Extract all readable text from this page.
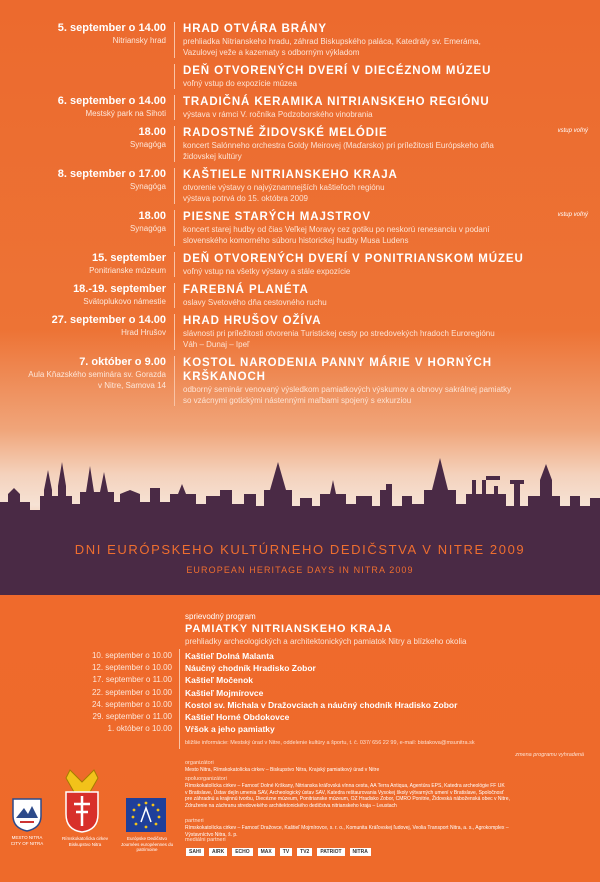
5. september o 14.00
Nitriansky hrad
HRAD OTVÁRA BRÁNY
prehliadka Nitrianskeho hradu, záhrad Biskupského paláca, Katedrály sv. Emeráma,
Vazulovej veže a kazematy s odborným výkladom
DEŇ OTVORENÝCH DVERÍ V DIECÉZNOM MÚZEU
voľný vstup do expozície múzea
6. september o 14.00
Mestský park na Sihoti
TRADIČNÁ KERAMIKA NITRIANSKEHO REGIÓNU
výstava v rámci V. ročníka Podzoborského vinobrania
18.00
Synagóga
RADOSTNÉ ŽIDOVSKÉ MELÓDIE
koncert Salónneho orchestra Goldy Meirovej (Maďarsko) pri príležitosti Európskeho dňa
židovskej kultúry
vstup voľný
8. september o 17.00
Synagóga
KAŠTIELE NITRIANSKEHO KRAJA
otvorenie výstavy o najvýznamnejších kaštieľoch regiónu
výstava potrvá do 15. októbra 2009
18.00
Synagóga
PIESNE STARÝCH MAJSTROV
koncert starej hudby od čias Veľkej Moravy cez gotiku po neskorú renesanciu v podaní
slovenského komorného súboru historickej hudby Musa Ludens
vstup voľný
15. september
Ponitrianske múzeum
DEŇ OTVORENÝCH DVERÍ V PONITRIANSKOM MÚZEU
voľný vstup na všetky výstavy a stále expozície
18.-19. september
Svätoplukovo námestie
FAREBNÁ PLANÉTA
oslavy Svetového dňa cestovného ruchu
27. september o 14.00
Hrad Hrušov
HRAD HRUŠOV OŽÍVA
slávnosti pri príležitosti otvorenia Turistickej cesty po stredovekých hradoch Euroregiónu
Váh – Dunaj – Ipeľ
7. október o 9.00
Aula Kňazského seminára sv. Gorazda
v Nitre, Samova 14
KOSTOL NARODENIA PANNY MÁRIE V HORNÝCH KRŠKANOCH
odborný seminár venovaný výsledkom pamiatkových výskumov a obnovy sakrálnej pamiatky
so vzácnymi gotickými nástennými maľbami spojený s exkurziou
DNI EURÓPSKEHO KULTÚRNEHO DEDIČSTVA V NITRE 2009
EUROPEAN HERITAGE DAYS IN NITRA 2009
sprievodný program
PAMIATKY NITRIANSKEHO KRAJA
prehliadky archeologických a architektonických pamiatok Nitry a blízkeho okolia
10. september o 10.00 Kaštieľ Dolná Malanta
12. september o 10.00 Náučný chodník Hradisko Zobor
17. september o 11.00 Kaštieľ Močenok
22. september o 10.00 Kaštieľ Mojmírovce
24. september o 10.00 Kostol sv. Michala v Dražovciach a náučný chodník Hradisko Zobor
29. september o 11.00 Kaštieľ Horné Obdokovce
1. október o 10.00 Vŕšok a jeho pamiatky
bližšie informácie: Mestský úrad v Nitre, oddelenie kultúry a športu, t. č. 037/ 656 22 99, e-mail: bistakova@msunitra.sk
zmena programu vyhradená
organizátori
Mesto Nitra, Rímskokatolícka cirkev – Biskupstvo Nitra, Krajský pamiatkový úrad v Nitre
spoluorganizátori
Rímskokatolícka cirkev – Farnosť Dolné Krškany, Nitrianska kráľovská vínna cesta, AA Terra Antiqua, Agentúra EPS, Katedra archeológie FF UK
v Bratislave, Ústav dejín umenia SAV, Archeologický ústav SAV, Katedra reštaurovania Vysokej školy výtvarných umení v Bratislave, Spoločnosť
pre záhradnú a krajinnú tvorbu, Diecézne múzeum, Ponitrianske múzeum, OZ Hradisko Zobor, CMRO Ponitrie, Židovská náboženská obec v Nitre,
Združenie na záchranu stredovekého architektonického dedičstva nitrianskeho kraja – Leustach
partneri
Rímskokatolícka cirkev – Farnosť Dražovce, Kaštieľ Mojmírovce, s. r. o., Komunita Kráľovskej ľudovej, Veolia Transport Nitra, a. s., Agrokomplex –
Výstavníctvo Nitra, š. p.
mediálni partneri
MESTO NITRA
CITY OF NITRA
Rímskokatolícka cirkev
Biskupstvo Nitra
Európske Dedičstvo
Journées européennes du patrimoine	SAHI	AIRK	ECHO	MAX	TV	TV2	PATRIOT	NITRA
